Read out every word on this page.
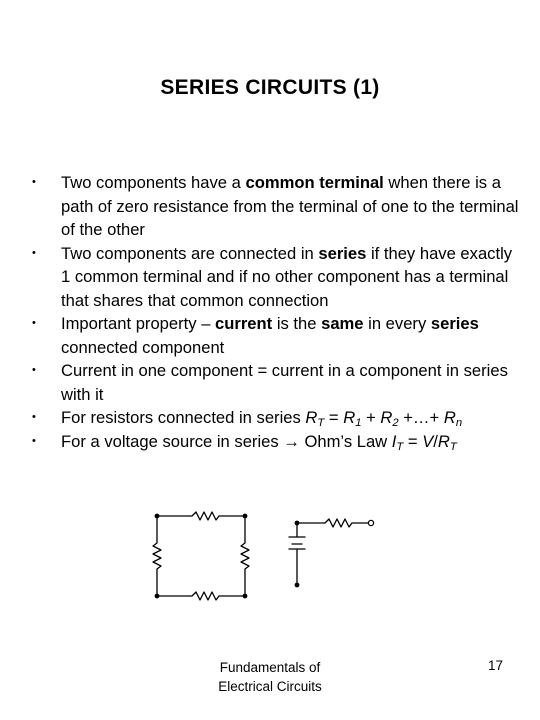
SERIES CIRCUITS (1)
• Two components have a common terminal when there is a path of zero resistance from the terminal of one to the terminal of the other
• Two components are connected in series if they have exactly 1 common terminal and if no other component has a terminal that shares that common connection
• Important property – current is the same in every series connected component
• Current in one component = current in a component in series with it
• For resistors connected in series RT = R1 + R2 +…+ Rn
• For a voltage source in series → Ohm’s Law IT = V/RT
Fundamentals of
Electrical Circuits
17
